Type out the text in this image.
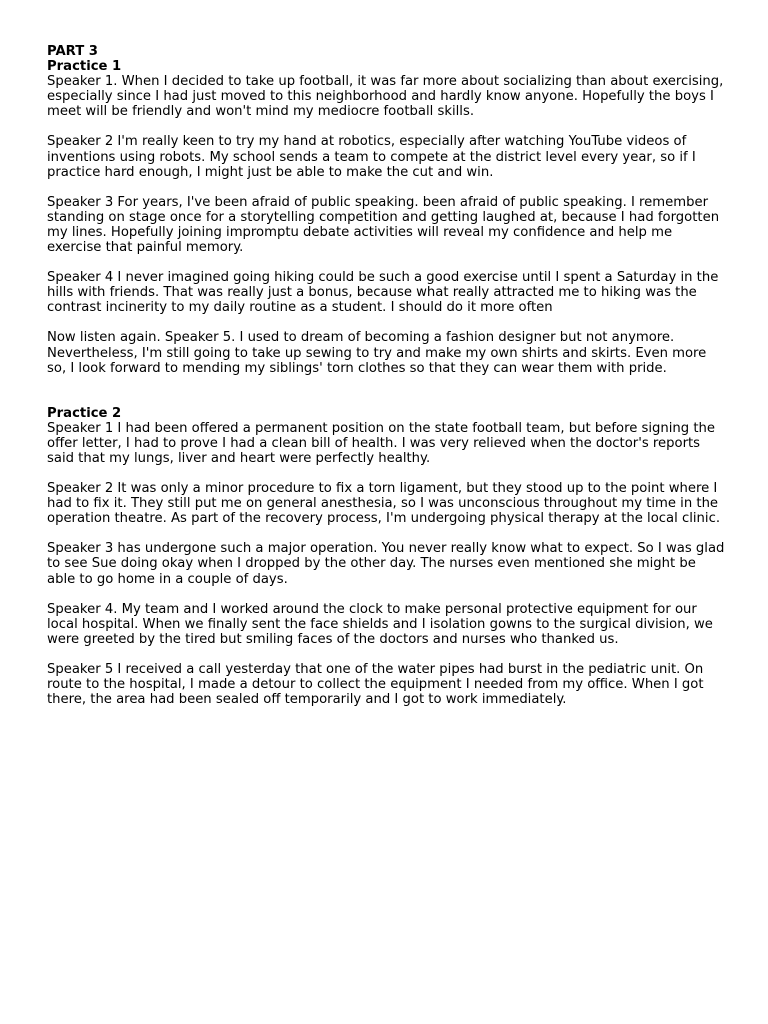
PART 3

Practice 1

Speaker 1. When I decided to take up football, it was far more about socializing than about exercising, especially since I had just moved to this neighborhood and hardly know anyone. Hopefully the boys I meet will be friendly and won't mind my mediocre football skills.

Speaker 2 I'm really keen to try my hand at robotics, especially after watching YouTube videos of inventions using robots. My school sends a team to compete at the district level every year, so if I practice hard enough, I might just be able to make the cut and win.

Speaker 3 For years, I've been afraid of public speaking. been afraid of public speaking. I remember standing on stage once for a storytelling competition and getting laughed at, because I had forgotten my lines. Hopefully joining impromptu debate activities will reveal my confidence and help me exercise that painful memory.

Speaker 4 I never imagined going hiking could be such a good exercise until I spent a Saturday in the hills with friends. That was really just a bonus, because what really attracted me to hiking was the contrast incinerity to my daily routine as a student. I should do it more often

Now listen again. Speaker 5. I used to dream of becoming a fashion designer but not anymore. Nevertheless, I'm still going to take up sewing to try and make my own shirts and skirts. Even more so, I look forward to mending my siblings' torn clothes so that they can wear them with pride.

Practice 2

Speaker 1 I had been offered a permanent position on the state football team, but before signing the offer letter, I had to prove I had a clean bill of health. I was very relieved when the doctor's reports said that my lungs, liver and heart were perfectly healthy.

Speaker 2 It was only a minor procedure to fix a torn ligament, but they stood up to the point where I had to fix it. They still put me on general anesthesia, so I was unconscious throughout my time in the operation theatre. As part of the recovery process, I'm undergoing physical therapy at the local clinic.

Speaker 3 has undergone such a major operation. You never really know what to expect. So I was glad to see Sue doing okay when I dropped by the other day. The nurses even mentioned she might be able to go home in a couple of days.

Speaker 4. My team and I worked around the clock to make personal protective equipment for our local hospital. When we finally sent the face shields and I isolation gowns to the surgical division, we were greeted by the tired but smiling faces of the doctors and nurses who thanked us.

Speaker 5 I received a call yesterday that one of the water pipes had burst in the pediatric unit. On route to the hospital, I made a detour to collect the equipment I needed from my office. When I got there, the area had been sealed off temporarily and I got to work immediately.
